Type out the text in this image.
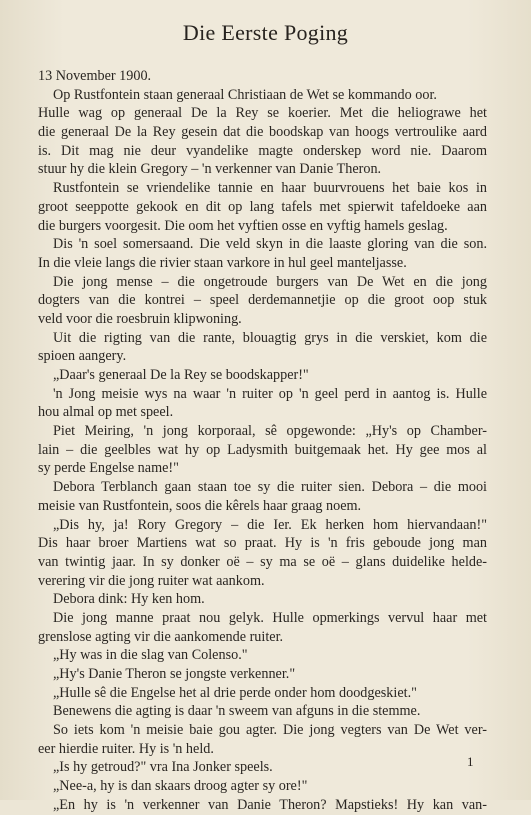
Die Eerste Poging
13 November 1900.
Op Rustfontein staan generaal Christiaan de Wet se kommando oor.
Hulle wag op generaal De la Rey se koerier. Met die heliograwe het
die generaal De la Rey gesein dat die boodskap van hoogs vertroulike aard
is. Dit mag nie deur vyandelike magte onderskep word nie. Daarom
stuur hy die klein Gregory – 'n verkenner van Danie Theron.
Rustfontein se vriendelike tannie en haar buurvrouens het baie kos in
groot seeppotte gekook en dit op lang tafels met spierwit tafeldoeke aan
die burgers voorgesit. Die oom het vyftien osse en vyftig hamels geslag.
Dis 'n soel somersaand. Die veld skyn in die laaste gloring van die son.
In die vleie langs die rivier staan varkore in hul geel manteljasse.
Die jong mense – die ongetroude burgers van De Wet en die jong
dogters van die kontrei – speel derdemannetjie op die groot oop stuk
veld voor die roesbruin klipwoning.
Uit die rigting van die rante, blouagtig grys in die verskiet, kom die
spioen aangery.
„Daar's generaal De la Rey se boodskapper!"
'n Jong meisie wys na waar 'n ruiter op 'n geel perd in aantog is. Hulle
hou almal op met speel.
Piet Meiring, 'n jong korporaal, sê opgewonde: „Hy's op Chamber-
lain – die geelbles wat hy op Ladysmith buitgemaak het. Hy gee mos al
sy perde Engelse name!"
Debora Terblanch gaan staan toe sy die ruiter sien. Debora – die mooi
meisie van Rustfontein, soos die kêrels haar graag noem.
„Dis hy, ja! Rory Gregory – die Ier. Ek herken hom hiervandaan!"
Dis haar broer Martiens wat so praat. Hy is 'n fris geboude jong man
van twintig jaar. In sy donker oë – sy ma se oë – glans duidelike helde-
verering vir die jong ruiter wat aankom.
Debora dink: Hy ken hom.
Die jong manne praat nou gelyk. Hulle opmerkings vervul haar met
grenslose agting vir die aankomende ruiter.
„Hy was in die slag van Colenso."
„Hy's Danie Theron se jongste verkenner."
„Hulle sê die Engelse het al drie perde onder hom doodgeskiet."
Benewens die agting is daar 'n sweem van afguns in die stemme.
So iets kom 'n meisie baie gou agter. Die jong vegters van De Wet ver-
eer hierdie ruiter. Hy is 'n held.
„Is hy getroud?" vra Ina Jonker speels.
„Nee-a, hy is dan skaars droog agter sy ore!"
„En hy is 'n verkenner van Danie Theron? Mapstieks! Hy kan van-
1
